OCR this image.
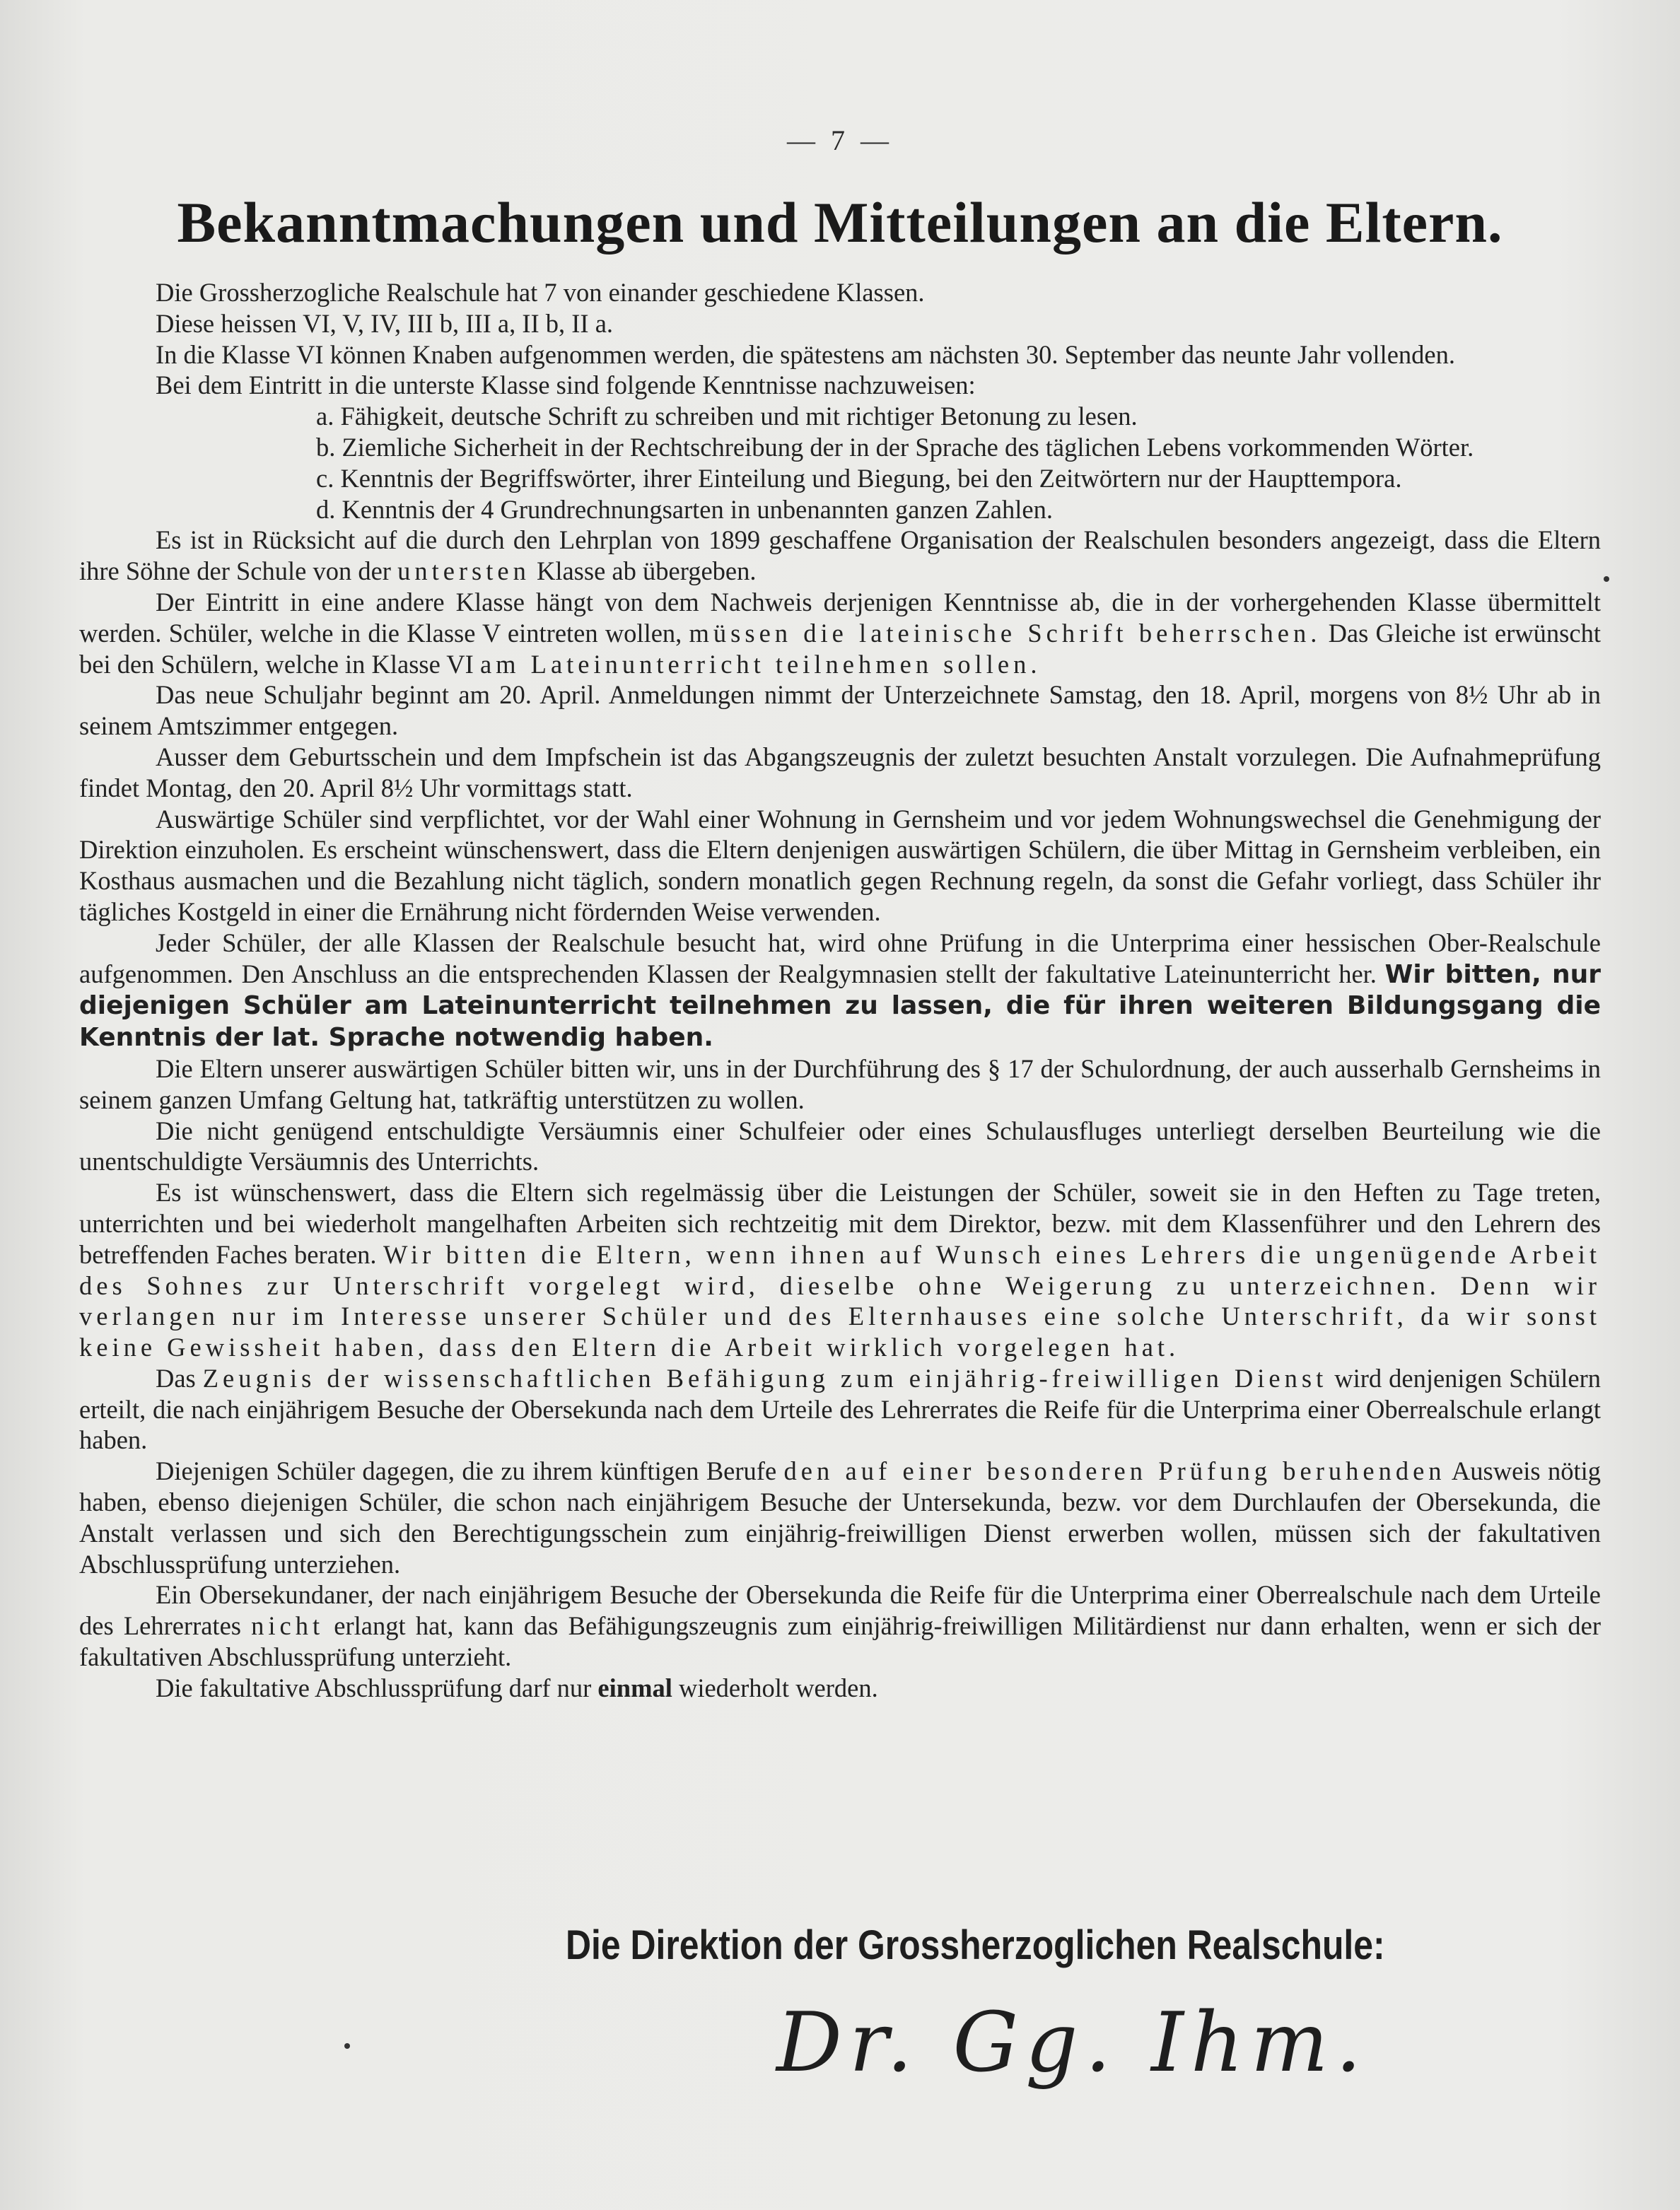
— 7 —
Bekanntmachungen und Mitteilungen an die Eltern.

Die Grossherzogliche Realschule hat 7 von einander geschiedene Klassen.

Diese heissen VI, V, IV, III b, III a, II b, II a.

In die Klasse VI können Knaben aufgenommen werden, die spätestens am nächsten 30. September das neunte Jahr vollenden.

Bei dem Eintritt in die unterste Klasse sind folgende Kenntnisse nachzuweisen:

a. Fähigkeit, deutsche Schrift zu schreiben und mit richtiger Betonung zu lesen.

b. Ziemliche Sicherheit in der Rechtschreibung der in der Sprache des täglichen Lebens vorkommenden Wörter.

c. Kenntnis der Begriffswörter, ihrer Einteilung und Biegung, bei den Zeitwörtern nur der Haupttempora.

d. Kenntnis der 4 Grundrechnungsarten in unbenannten ganzen Zahlen.

Es ist in Rücksicht auf die durch den Lehrplan von 1899 geschaffene Organisation der Realschulen besonders angezeigt, dass die Eltern ihre Söhne der Schule von der untersten Klasse ab übergeben.

Der Eintritt in eine andere Klasse hängt von dem Nachweis derjenigen Kenntnisse ab, die in der vorhergehenden Klasse übermittelt werden. Schüler, welche in die Klasse V eintreten wollen, müssen die lateinische Schrift beherrschen. Das Gleiche ist erwünscht bei den Schülern, welche in Klasse VI am Lateinunterricht teilnehmen sollen.

Das neue Schuljahr beginnt am 20. April. Anmeldungen nimmt der Unterzeichnete Samstag, den 18. April, morgens von 8½ Uhr ab in seinem Amtszimmer entgegen.

Ausser dem Geburtsschein und dem Impfschein ist das Abgangszeugnis der zuletzt besuchten Anstalt vorzulegen. Die Aufnahmeprüfung findet Montag, den 20. April 8½ Uhr vormittags statt.

Auswärtige Schüler sind verpflichtet, vor der Wahl einer Wohnung in Gernsheim und vor jedem Wohnungswechsel die Genehmigung der Direktion einzuholen. Es erscheint wünschenswert, dass die Eltern denjenigen auswärtigen Schülern, die über Mittag in Gernsheim verbleiben, ein Kosthaus ausmachen und die Bezahlung nicht täglich, sondern monatlich gegen Rechnung regeln, da sonst die Gefahr vorliegt, dass Schüler ihr tägliches Kostgeld in einer die Ernährung nicht fördernden Weise verwenden.

Jeder Schüler, der alle Klassen der Realschule besucht hat, wird ohne Prüfung in die Unterprima einer hessischen Ober-Realschule aufgenommen. Den Anschluss an die entsprechenden Klassen der Realgymnasien stellt der fakultative Lateinunterricht her. Wir bitten, nur diejenigen Schüler am Lateinunterricht teilnehmen zu lassen, die für ihren weiteren Bildungsgang die Kenntnis der lat. Sprache notwendig haben.

Die Eltern unserer auswärtigen Schüler bitten wir, uns in der Durchführung des § 17 der Schulordnung, der auch ausserhalb Gernsheims in seinem ganzen Umfang Geltung hat, tatkräftig unterstützen zu wollen.

Die nicht genügend entschuldigte Versäumnis einer Schulfeier oder eines Schulausfluges unterliegt derselben Beurteilung wie die unentschuldigte Versäumnis des Unterrichts.

Es ist wünschenswert, dass die Eltern sich regelmässig über die Leistungen der Schüler, soweit sie in den Heften zu Tage treten, unterrichten und bei wiederholt mangelhaften Arbeiten sich rechtzeitig mit dem Direktor, bezw. mit dem Klassenführer und den Lehrern des betreffenden Faches beraten. Wir bitten die Eltern, wenn ihnen auf Wunsch eines Lehrers die ungenügende Arbeit des Sohnes zur Unterschrift vorgelegt wird, dieselbe ohne Weigerung zu unterzeichnen. Denn wir verlangen nur im Interesse unserer Schüler und des Elternhauses eine solche Unterschrift, da wir sonst keine Gewissheit haben, dass den Eltern die Arbeit wirklich vorgelegen hat.

Das Zeugnis der wissenschaftlichen Befähigung zum einjährig-freiwilligen Dienst wird denjenigen Schülern erteilt, die nach einjährigem Besuche der Obersekunda nach dem Urteile des Lehrerrates die Reife für die Unterprima einer Oberrealschule erlangt haben.

Diejenigen Schüler dagegen, die zu ihrem künftigen Berufe den auf einer besonderen Prüfung beruhenden Ausweis nötig haben, ebenso diejenigen Schüler, die schon nach einjährigem Besuche der Untersekunda, bezw. vor dem Durchlaufen der Obersekunda, die Anstalt verlassen und sich den Berechtigungsschein zum einjährig-freiwilligen Dienst erwerben wollen, müssen sich der fakultativen Abschlussprüfung unterziehen.

Ein Obersekundaner, der nach einjährigem Besuche der Obersekunda die Reife für die Unterprima einer Oberrealschule nach dem Urteile des Lehrerrates nicht erlangt hat, kann das Befähigungszeugnis zum einjährig-freiwilligen Militärdienst nur dann erhalten, wenn er sich der fakultativen Abschlussprüfung unterzieht.

Die fakultative Abschlussprüfung darf nur einmal wiederholt werden.

Die Direktion der Grossherzoglichen Realschule:
Dr. Gg. Ihm.
